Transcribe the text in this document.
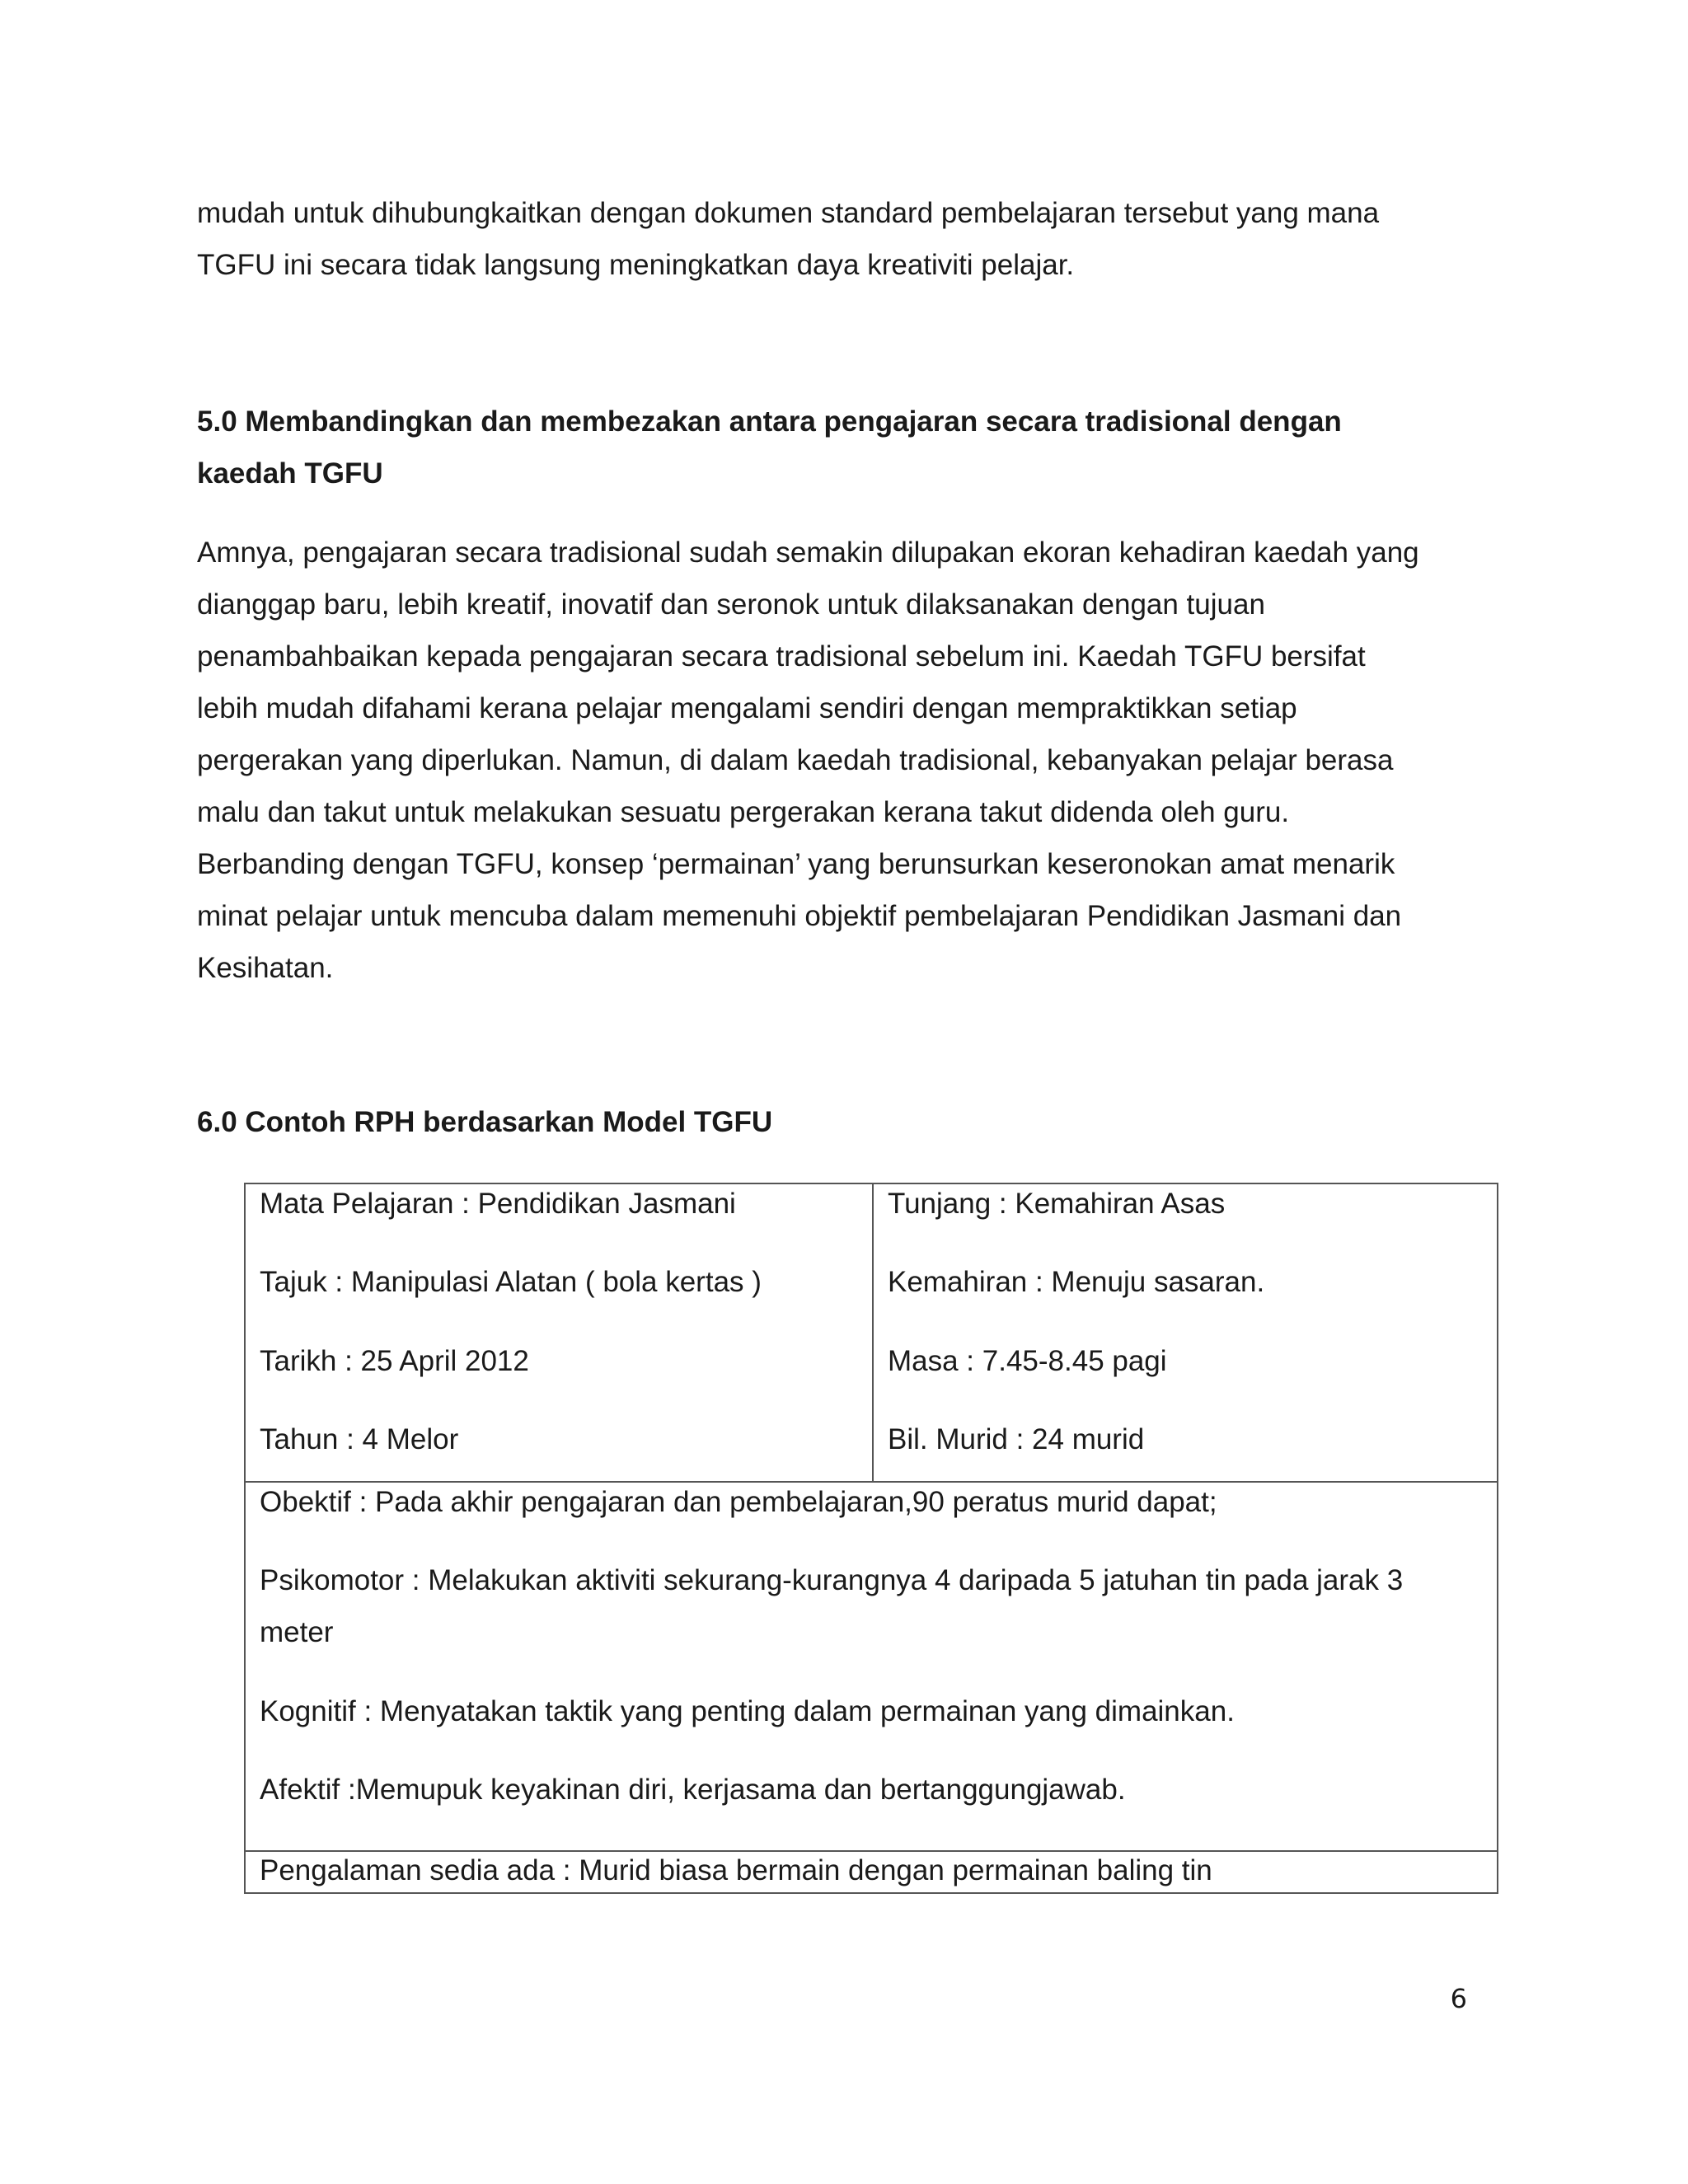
mudah untuk dihubungkaitkan dengan dokumen standard pembelajaran tersebut yang mana
TGFU ini secara tidak langsung meningkatkan daya kreativiti pelajar.

5.0 Membandingkan dan membezakan antara pengajaran secara tradisional dengan
kaedah TGFU

Amnya, pengajaran secara tradisional sudah semakin dilupakan ekoran kehadiran kaedah yang
dianggap baru, lebih kreatif, inovatif dan seronok untuk dilaksanakan dengan tujuan
penambahbaikan kepada pengajaran secara tradisional sebelum ini. Kaedah TGFU bersifat
lebih mudah difahami kerana pelajar mengalami sendiri dengan mempraktikkan setiap
pergerakan yang diperlukan. Namun, di dalam kaedah tradisional, kebanyakan pelajar berasa
malu dan takut untuk melakukan sesuatu pergerakan kerana takut didenda oleh guru.
Berbanding dengan TGFU, konsep ‘permainan’ yang berunsurkan keseronokan amat menarik
minat pelajar untuk mencuba dalam memenuhi objektif pembelajaran Pendidikan Jasmani dan
Kesihatan.

6.0 Contoh RPH berdasarkan Model TGFU
Mata Pelajaran : Pendidikan Jasmani
Tajuk : Manipulasi Alatan ( bola kertas )
Tarikh : 25 April 2012
Tahun : 4 Melor
Tunjang : Kemahiran Asas
Kemahiran : Menuju sasaran.
Masa : 7.45-8.45 pagi
Bil. Murid : 24 murid
Obektif : Pada akhir pengajaran dan pembelajaran,90 peratus murid dapat;
Psikomotor : Melakukan aktiviti sekurang-kurangnya 4 daripada 5 jatuhan tin pada jarak 3
meter
Kognitif : Menyatakan taktik yang penting dalam permainan yang dimainkan.
Afektif :Memupuk keyakinan diri, kerjasama dan bertanggungjawab.
Pengalaman sedia ada : Murid biasa bermain dengan permainan baling tin
6
